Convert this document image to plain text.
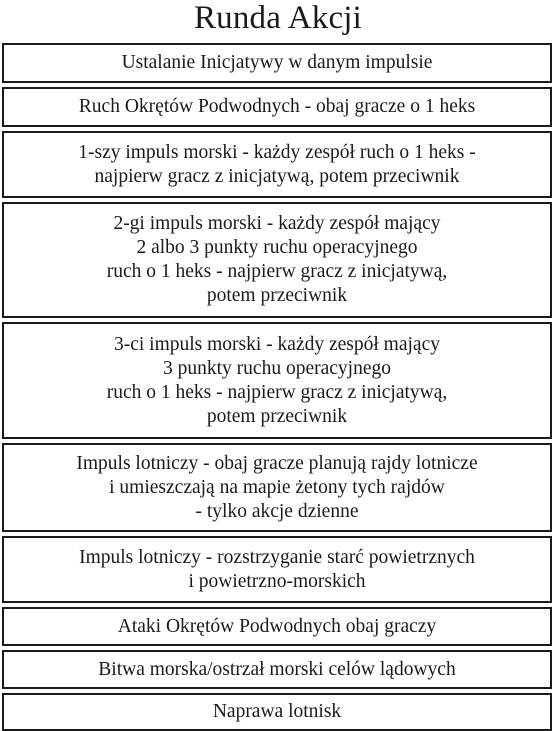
Runda Akcji
Ustalanie Inicjatywy w danym impulsie
Ruch Okrętów Podwodnych - obaj gracze o 1 heks
1-szy impuls morski - każdy zespół ruch o 1 heks -
najpierw gracz z inicjatywą, potem przeciwnik
2-gi impuls morski - każdy zespół mający
2 albo 3 punkty ruchu operacyjnego
ruch o 1 heks - najpierw gracz z inicjatywą,
potem przeciwnik
3-ci impuls morski - każdy zespół mający
3 punkty ruchu operacyjnego
ruch o 1 heks - najpierw gracz z inicjatywą,
potem przeciwnik
Impuls lotniczy - obaj gracze planują rajdy lotnicze
i umieszczają na mapie żetony tych rajdów
- tylko akcje dzienne
Impuls lotniczy - rozstrzyganie starć powietrznych
i powietrzno-morskich
Ataki Okrętów Podwodnych obaj graczy
Bitwa morska/ostrzał morski celów lądowych
Naprawa lotnisk
